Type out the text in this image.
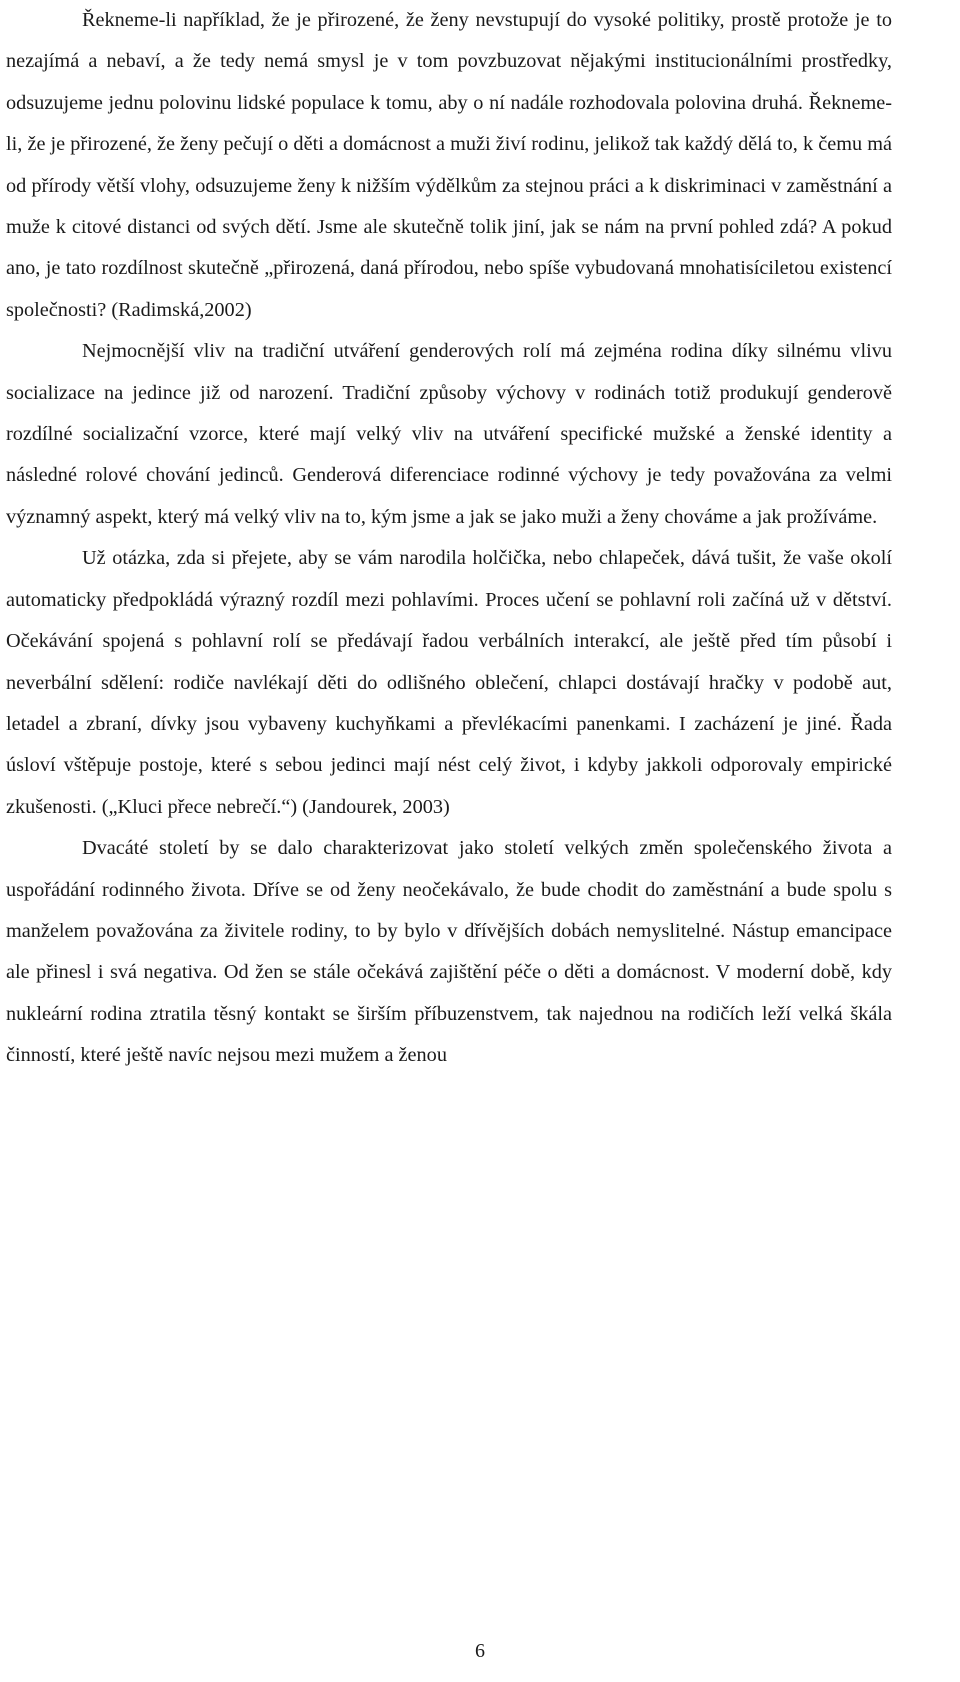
Řekneme-li například, že je přirozené, že ženy nevstupují do vysoké politiky, prostě protože je to nezajímá a nebaví, a že tedy nemá smysl je v tom povzbuzovat nějakými institucionálními prostředky, odsuzujeme jednu polovinu lidské populace k tomu, aby o ní nadále rozhodovala polovina druhá. Řekneme-li, že je přirozené, že ženy pečují o děti a domácnost a muži živí rodinu, jelikož tak každý dělá to, k čemu má od přírody větší vlohy, odsuzujeme ženy k nižším výdělkům za stejnou práci a k diskriminaci v zaměstnání a muže k citové distanci od svých dětí. Jsme ale skutečně tolik jiní, jak se nám na první pohled zdá? A pokud ano, je tato rozdílnost skutečně „přirozená, daná přírodou, nebo spíše vybudovaná mnohatisíciletou existencí společnosti? (Radimská,2002)

Nejmocnější vliv na tradiční utváření genderových rolí má zejména rodina díky silnému vlivu socializace na jedince již od narození. Tradiční způsoby výchovy v rodinách totiž produkují genderově rozdílné socializační vzorce, které mají velký vliv na utváření specifické mužské a ženské identity a následné rolové chování jedinců. Genderová diferenciace rodinné výchovy je tedy považována za velmi významný aspekt, který má velký vliv na to, kým jsme a jak se jako muži a ženy chováme a jak prožíváme.

Už otázka, zda si přejete, aby se vám narodila holčička, nebo chlapeček, dává tušit, že vaše okolí automaticky předpokládá výrazný rozdíl mezi pohlavími. Proces učení se pohlavní roli začíná už v dětství. Očekávání spojená s pohlavní rolí se předávají řadou verbálních interakcí, ale ještě před tím působí i neverbální sdělení: rodiče navlékají děti do odlišného oblečení, chlapci dostávají hračky v podobě aut, letadel a zbraní, dívky jsou vybaveny kuchyňkami a převlékacími panenkami. I zacházení je jiné. Řada úsloví vštěpuje postoje, které s sebou jedinci mají nést celý život, i kdyby jakkoli odporovaly empirické zkušenosti. („Kluci přece nebrečí.“) (Jandourek, 2003)

Dvacáté století by se dalo charakterizovat jako století velkých změn společenského života a uspořádání rodinného života. Dříve se od ženy neočekávalo, že bude chodit do zaměstnání a bude spolu s manželem považována za živitele rodiny, to by bylo v dřívějších dobách nemyslitelné. Nástup emancipace ale přinesl i svá negativa. Od žen se stále očekává zajištění péče o děti a domácnost. V moderní době, kdy nukleární rodina ztratila těsný kontakt se širším příbuzenstvem, tak najednou na rodičích leží velká škála činností, které ještě navíc nejsou mezi mužem a ženou

6
